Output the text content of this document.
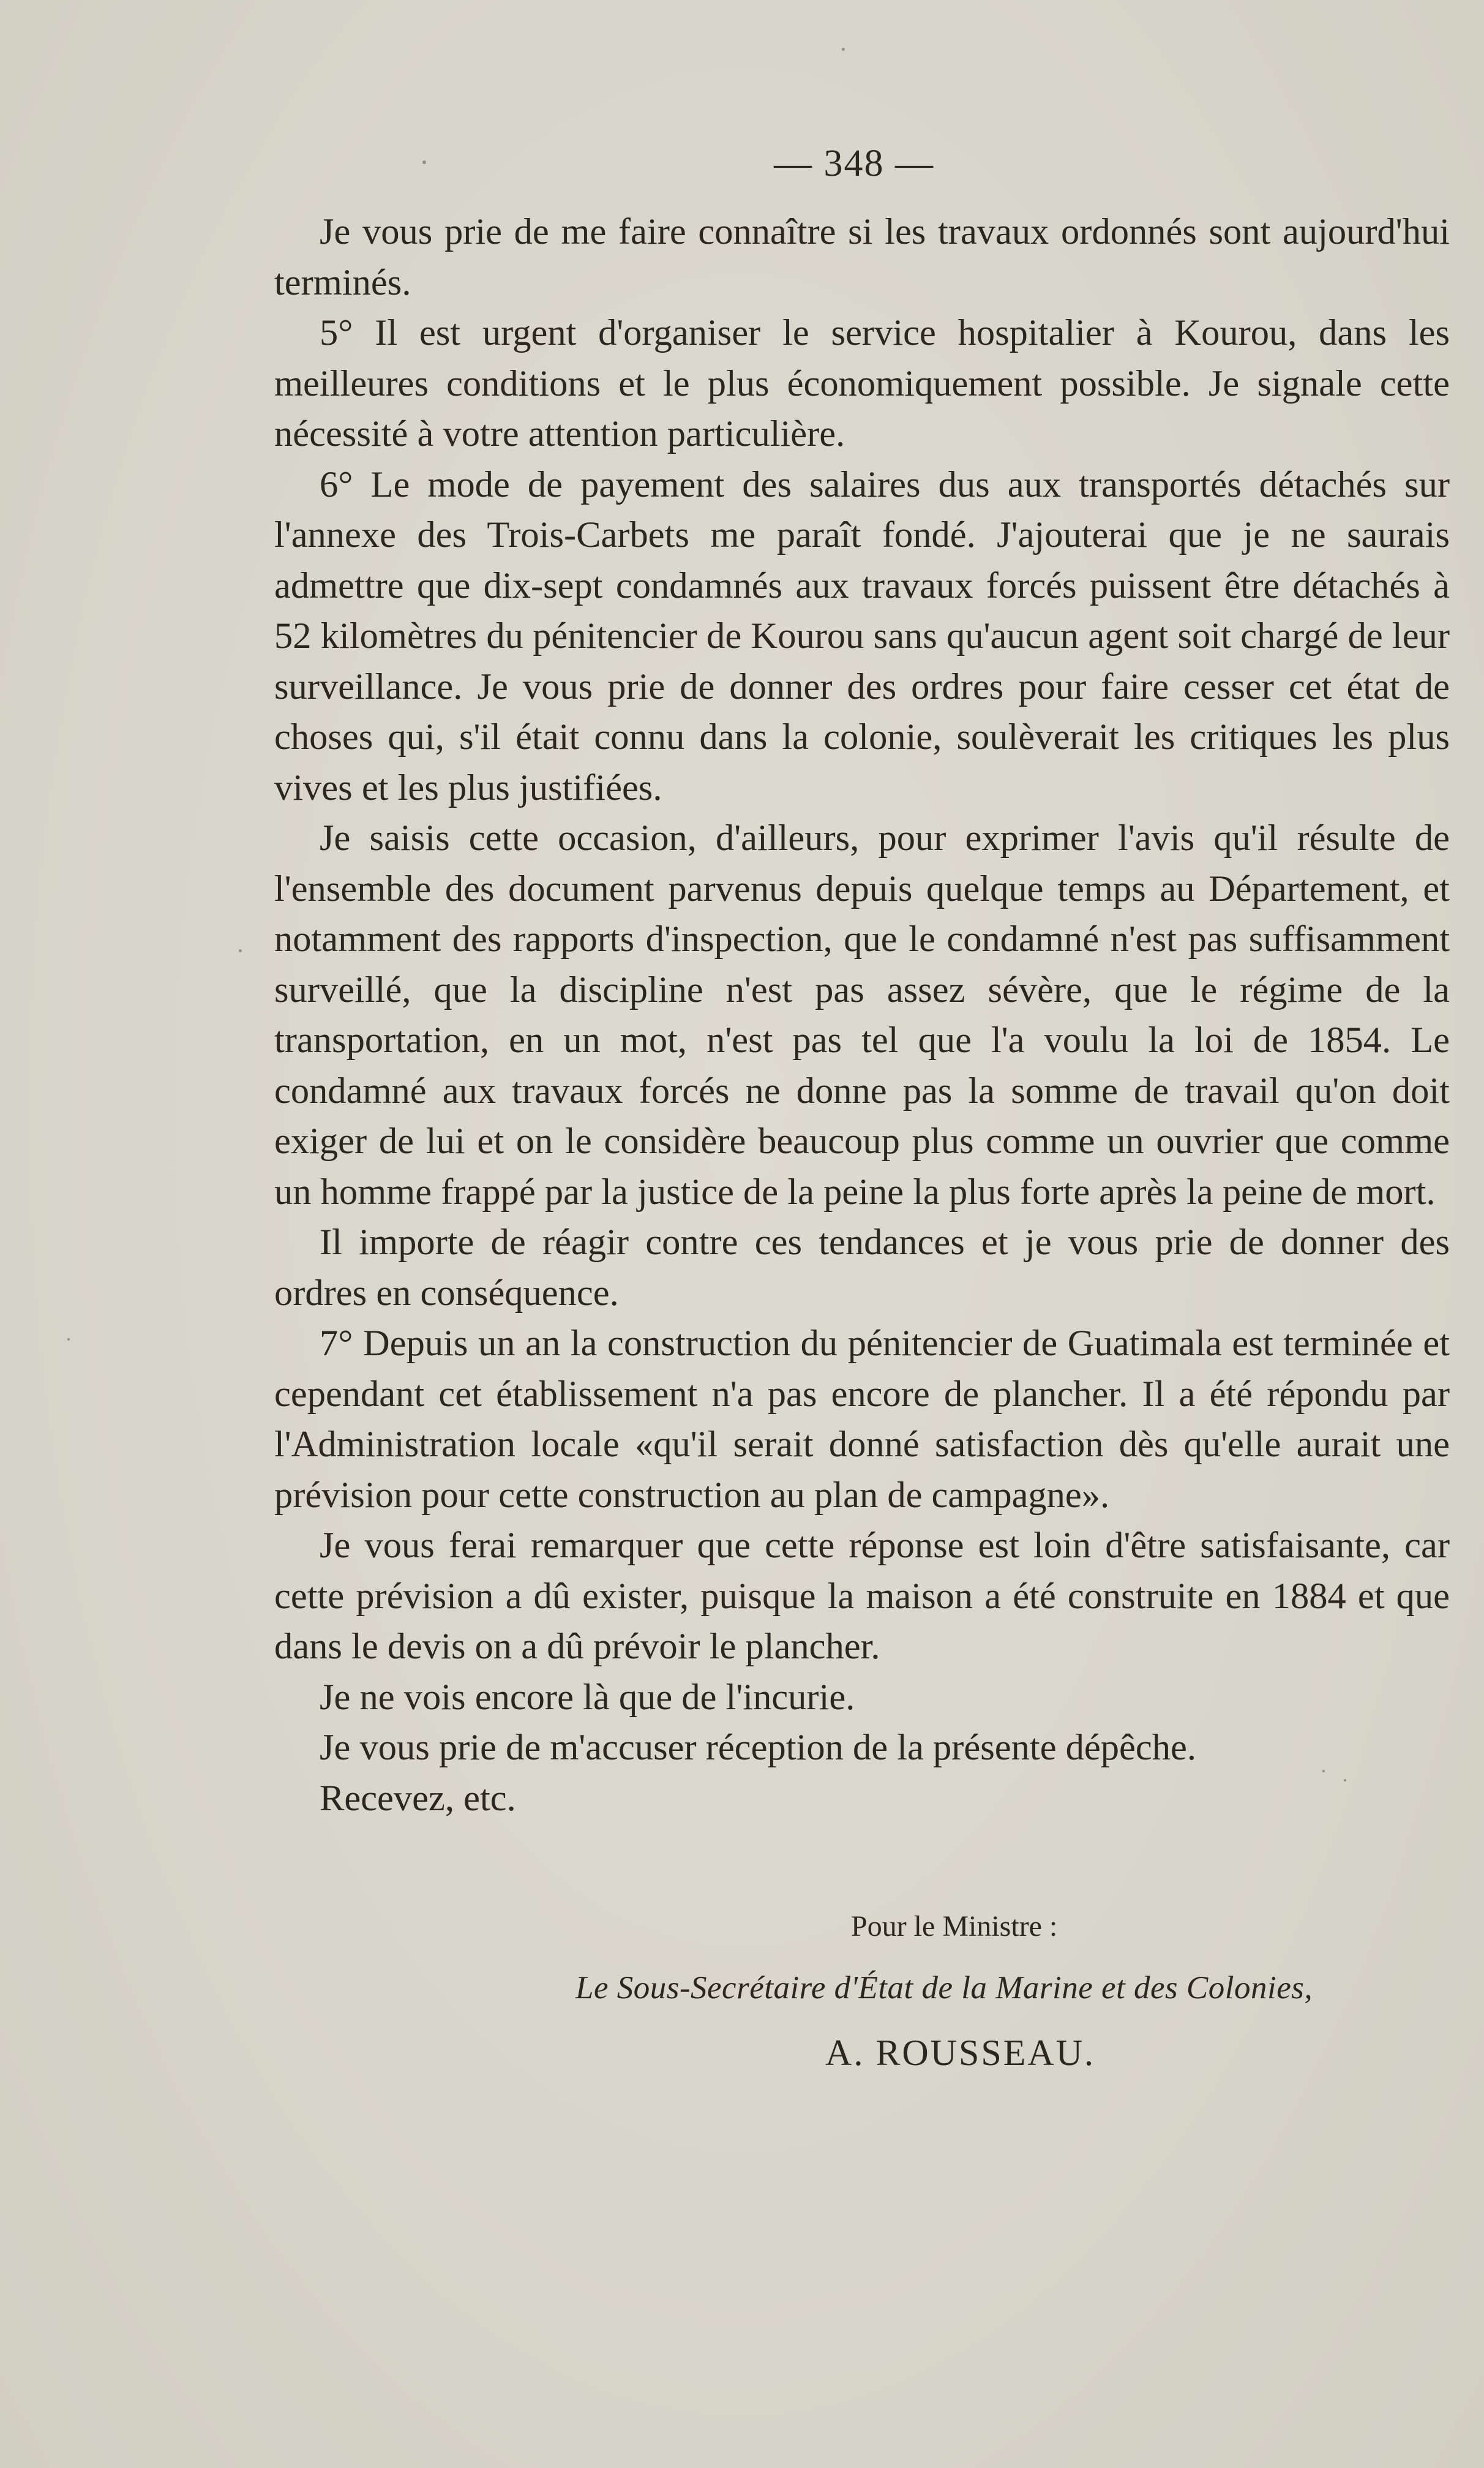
— 348 —

Je vous prie de me faire connaître si les travaux ordonnés sont aujourd'hui terminés.

5° Il est urgent d'organiser le service hospitalier à Kourou, dans les meilleures conditions et le plus économiquement possible. Je signale cette nécessité à votre attention particulière.

6° Le mode de payement des salaires dus aux transportés détachés sur l'annexe des Trois-Carbets me paraît fondé. J'ajouterai que je ne saurais admettre que dix-sept condamnés aux travaux forcés puissent être détachés à 52 kilomètres du pénitencier de Kourou sans qu'aucun agent soit chargé de leur surveillance. Je vous prie de donner des ordres pour faire cesser cet état de choses qui, s'il était connu dans la colonie, soulèverait les critiques les plus vives et les plus justifiées.

Je saisis cette occasion, d'ailleurs, pour exprimer l'avis qu'il résulte de l'ensemble des document parvenus depuis quelque temps au Département, et notamment des rapports d'inspection, que le condamné n'est pas suffisamment surveillé, que la discipline n'est pas assez sévère, que le régime de la transportation, en un mot, n'est pas tel que l'a voulu la loi de 1854. Le condamné aux travaux forcés ne donne pas la somme de travail qu'on doit exiger de lui et on le considère beaucoup plus comme un ouvrier que comme un homme frappé par la justice de la peine la plus forte après la peine de mort.

Il importe de réagir contre ces tendances et je vous prie de donner des ordres en conséquence.

7° Depuis un an la construction du pénitencier de Guatimala est terminée et cependant cet établissement n'a pas encore de plancher. Il a été répondu par l'Administration locale «qu'il serait donné satisfaction dès qu'elle aurait une prévision pour cette construction au plan de campagne».

Je vous ferai remarquer que cette réponse est loin d'être satisfaisante, car cette prévision a dû exister, puisque la maison a été construite en 1884 et que dans le devis on a dû prévoir le plancher.

Je ne vois encore là que de l'incurie.

Je vous prie de m'accuser réception de la présente dépêche.

Recevez, etc.

Pour le Ministre :
Le Sous-Secrétaire d'État de la Marine et des Colonies,
A. ROUSSEAU.
